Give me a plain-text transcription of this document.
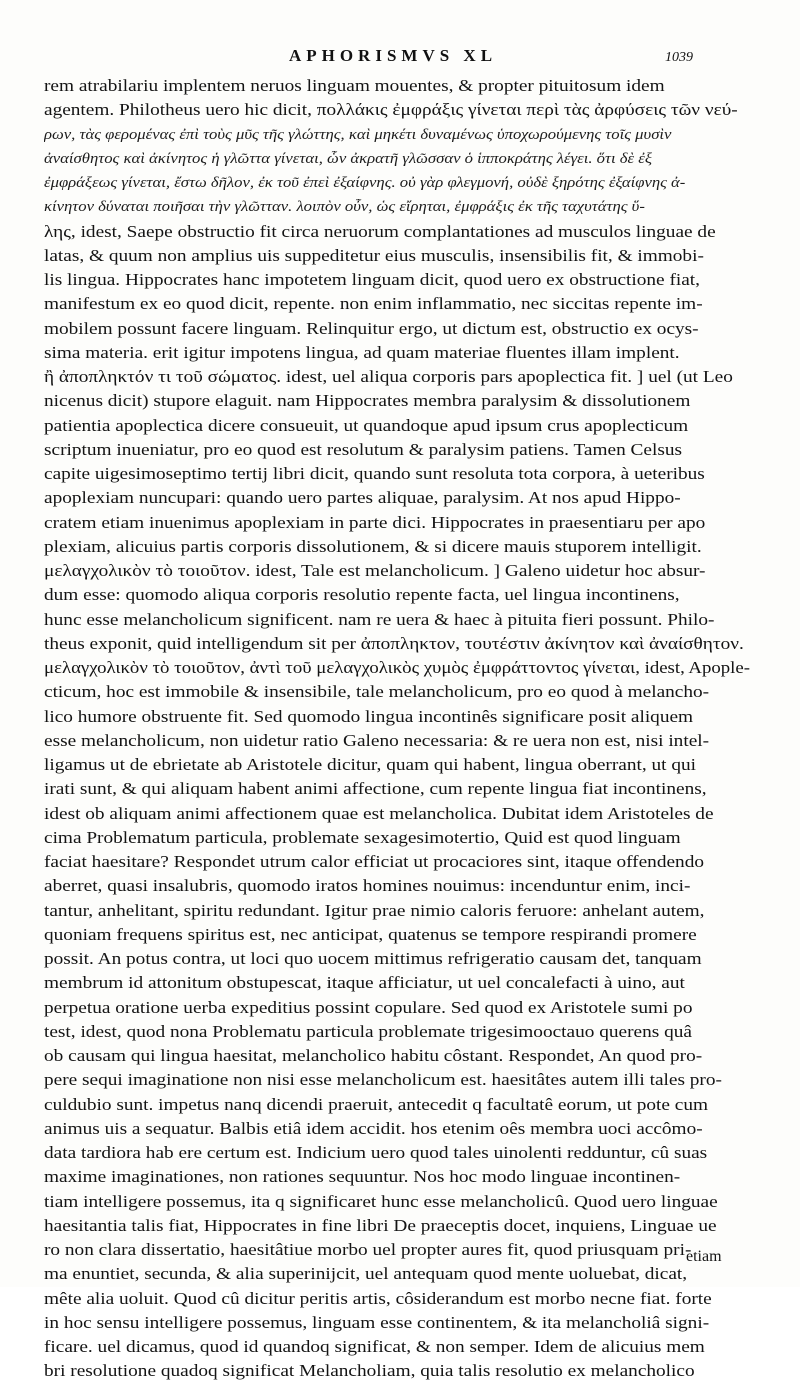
APHORISMVS XL	1039
rem atrabilariu implentem neruos linguam mouentes, & propter pituitosum idem
agentem. Philotheus uero hic dicit, πολλάκις ἐμφράξις γίνεται περὶ τὰς ἀρφύσεις τῶν νεύ-
ρων, τὰς φερομένας ἐπὶ τοὺς μῦς τῆς γλώττης, καὶ μηκέτι δυναμένως ὑποχωρούμενης τοῖς μυσὶν
ἀναίσθητος καὶ ἀκίνητος ἡ γλῶττα γίνεται, ὧν ἀκρατῆ γλῶσσαν ὁ ἱπποκράτης λέγει. ὅτι δὲ ἐξ
ἐμφράξεως γίνεται, ἔστω δῆλον, ἐκ τοῦ ἐπεὶ ἐξαίφνης. οὐ γὰρ φλεγμονή, οὐδὲ ξηρότης ἐξαίφνης ἀ-
κίνητον δύναται ποιῆσαι τὴν γλῶτταν. λοιπὸν οὖν, ὡς εἴρηται, ἐμφράξις ἐκ τῆς ταχυτάτης ὕ-
λης, idest, Saepe obstructio fit circa neruorum complantationes ad musculos linguae de
latas, & quum non amplius uis suppeditetur eius musculis, insensibilis fit, & immobi-
lis lingua. Hippocrates hanc impotetem linguam dicit, quod uero ex obstructione fiat,
manifestum ex eo quod dicit, repente. non enim inflammatio, nec siccitas repente im-
mobilem possunt facere linguam. Relinquitur ergo, ut dictum est, obstructio ex ocys-
sima materia. erit igitur impotens lingua, ad quam materiae fluentes illam implent.
ἢ ἀποπληκτόν τι τοῦ σώματος. idest, uel aliqua corporis pars apoplectica fit. ] uel (ut Leo
nicenus dicit) stupore elaguit. nam Hippocrates membra paralysim & dissolutionem
patientia apoplectica dicere consueuit, ut quandoque apud ipsum crus apoplecticum
scriptum inueniatur, pro eo quod est resolutum & paralysim patiens. Tamen Celsus
capite uigesimoseptimo tertij libri dicit, quando sunt resoluta tota corpora, à ueteribus
apoplexiam nuncupari: quando uero partes aliquae, paralysim. At nos apud Hippo-
cratem etiam inuenimus apoplexiam in parte dici. Hippocrates in praesentiaru per apo
plexiam, alicuius partis corporis dissolutionem, & si dicere mauis stuporem intelligit.
μελαγχολικὸν τὸ τοιοῦτον. idest, Tale est melancholicum. ] Galeno uidetur hoc absur-
dum esse: quomodo aliqua corporis resolutio repente facta, uel lingua incontinens,
hunc esse melancholicum significent. nam re uera & haec à pituita fieri possunt. Philo-
theus exponit, quid intelligendum sit per ἀποπληκτον, τουτέστιν ἀκίνητον καὶ ἀναίσθητον.
μελαγχολικὸν τὸ τοιοῦτον, ἀντὶ τοῦ μελαγχολικὸς χυμὸς ἐμφράττοντος γίνεται, idest, Apople-
cticum, hoc est immobile & insensibile, tale melancholicum, pro eo quod à melancho-
lico humore obstruente fit. Sed quomodo lingua incontinês significare posit aliquem
esse melancholicum, non uidetur ratio Galeno necessaria: & re uera non est, nisi intel-
ligamus ut de ebrietate ab Aristotele dicitur, quam qui habent, lingua oberrant, ut qui
irati sunt, & qui aliquam habent animi affectione, cum repente lingua fiat incontinens,
idest ob aliquam animi affectionem quae est melancholica. Dubitat idem Aristoteles de
cima Problematum particula, problemate sexagesimotertio, Quid est quod linguam
faciat haesitare? Respondet utrum calor efficiat ut procaciores sint, itaque offendendo
aberret, quasi insalubris, quomodo iratos homines nouimus: incenduntur enim, inci-
tantur, anhelitant, spiritu redundant. Igitur prae nimio caloris feruore: anhelant autem,
quoniam frequens spiritus est, nec anticipat, quatenus se tempore respirandi promere
possit. An potus contra, ut loci quo uocem mittimus refrigeratio causam det, tanquam
membrum id attonitum obstupescat, itaque afficiatur, ut uel concalefacti à uino, aut
perpetua oratione uerba expeditius possint copulare. Sed quod ex Aristotele sumi po
test, idest, quod nona Problematu particula problemate trigesimooctauo querens quâ
ob causam qui lingua haesitat, melancholico habitu côstant. Respondet, An quod pro-
pere sequi imaginatione non nisi esse melancholicum est. haesitâtes autem illi tales pro-
culdubio sunt. impetus nanq dicendi praeruit, antecedit q facultatê eorum, ut pote cum
animus uis a sequatur. Balbis etiâ idem accidit. hos etenim oês membra uoci accômo-
data tardiora hab ere certum est. Indicium uero quod tales uinolenti redduntur, cû suas
maxime imaginationes, non rationes sequuntur. Nos hoc modo linguae incontinen-
tiam intelligere possemus, ita q significaret hunc esse melancholicû. Quod uero linguae
haesitantia talis fiat, Hippocrates in fine libri De praeceptis docet, inquiens, Linguae ue
ro non clara dissertatio, haesitâtiue morbo uel propter aures fit, quod priusquam pri-
ma enuntiet, secunda, & alia superinijcit, uel antequam quod mente uoluebat, dicat,
mête alia uoluit. Quod cû dicitur peritis artis, côsiderandum est morbo necne fiat. forte
in hoc sensu intelligere possemus, linguam esse continentem, & ita melancholiâ signi-
ficare. uel dicamus, quod id quandoq significat, & non semper. Idem de alicuius mem
bri resolutione quadoq significat Melancholiam, quia talis resolutio ex melancholico
etiam
